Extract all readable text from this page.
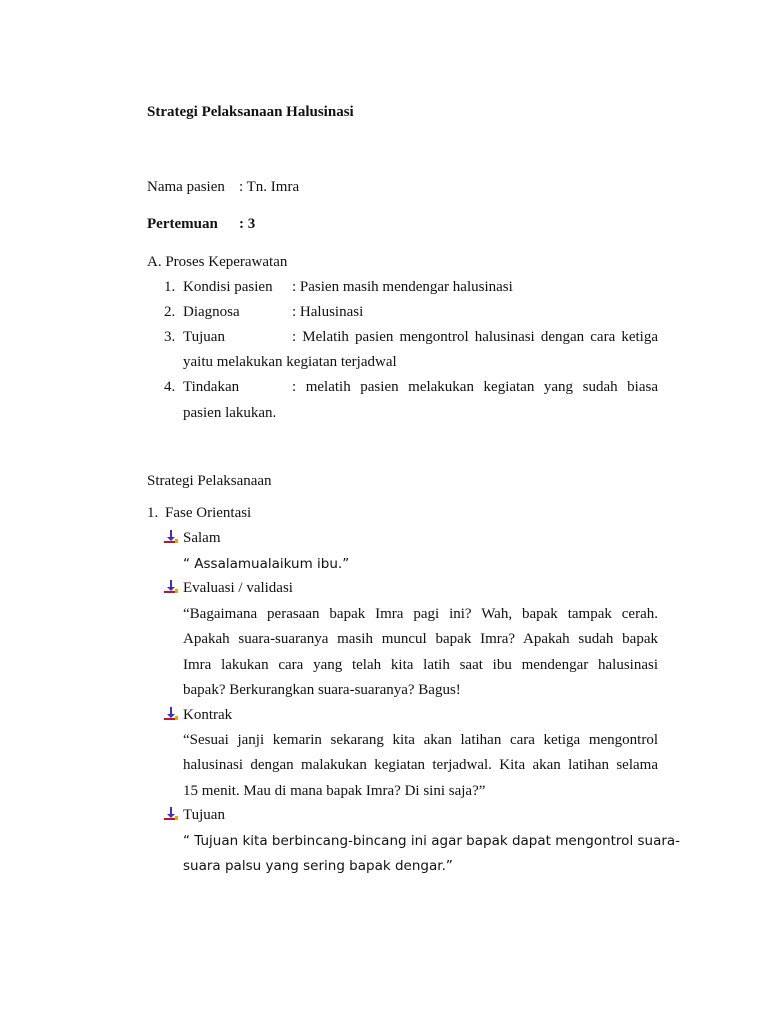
Strategi Pelaksanaan Halusinasi
Nama pasien : Tn. Imra
Pertemuan : 3
A. Proses Keperawatan
1. Kondisi pasien : Pasien masih mendengar halusinasi
2. Diagnosa	: Halusinasi
3. Tujuan	: Melatih pasien mengontrol halusinasi dengan cara ketiga
yaitu melakukan kegiatan terjadwal
4. Tindakan	: melatih pasien melakukan kegiatan yang sudah biasa
pasien lakukan.
Strategi Pelaksanaan
1. Fase Orientasi
Salam
“ Assalamualaikum ibu.”
Evaluasi / validasi
“Bagaimana perasaan bapak Imra pagi ini? Wah, bapak tampak cerah.
Apakah suara-suaranya masih muncul bapak Imra? Apakah sudah bapak
Imra lakukan cara yang telah kita latih saat ibu mendengar halusinasi
bapak? Berkurangkan suara-suaranya? Bagus!
Kontrak
“Sesuai janji kemarin sekarang kita akan latihan cara ketiga mengontrol
halusinasi dengan malakukan kegiatan terjadwal. Kita akan latihan selama
15 menit. Mau di mana bapak Imra? Di sini saja?”
Tujuan
“ Tujuan kita berbincang-bincang ini agar bapak dapat mengontrol suara-
suara palsu yang sering bapak dengar.”
